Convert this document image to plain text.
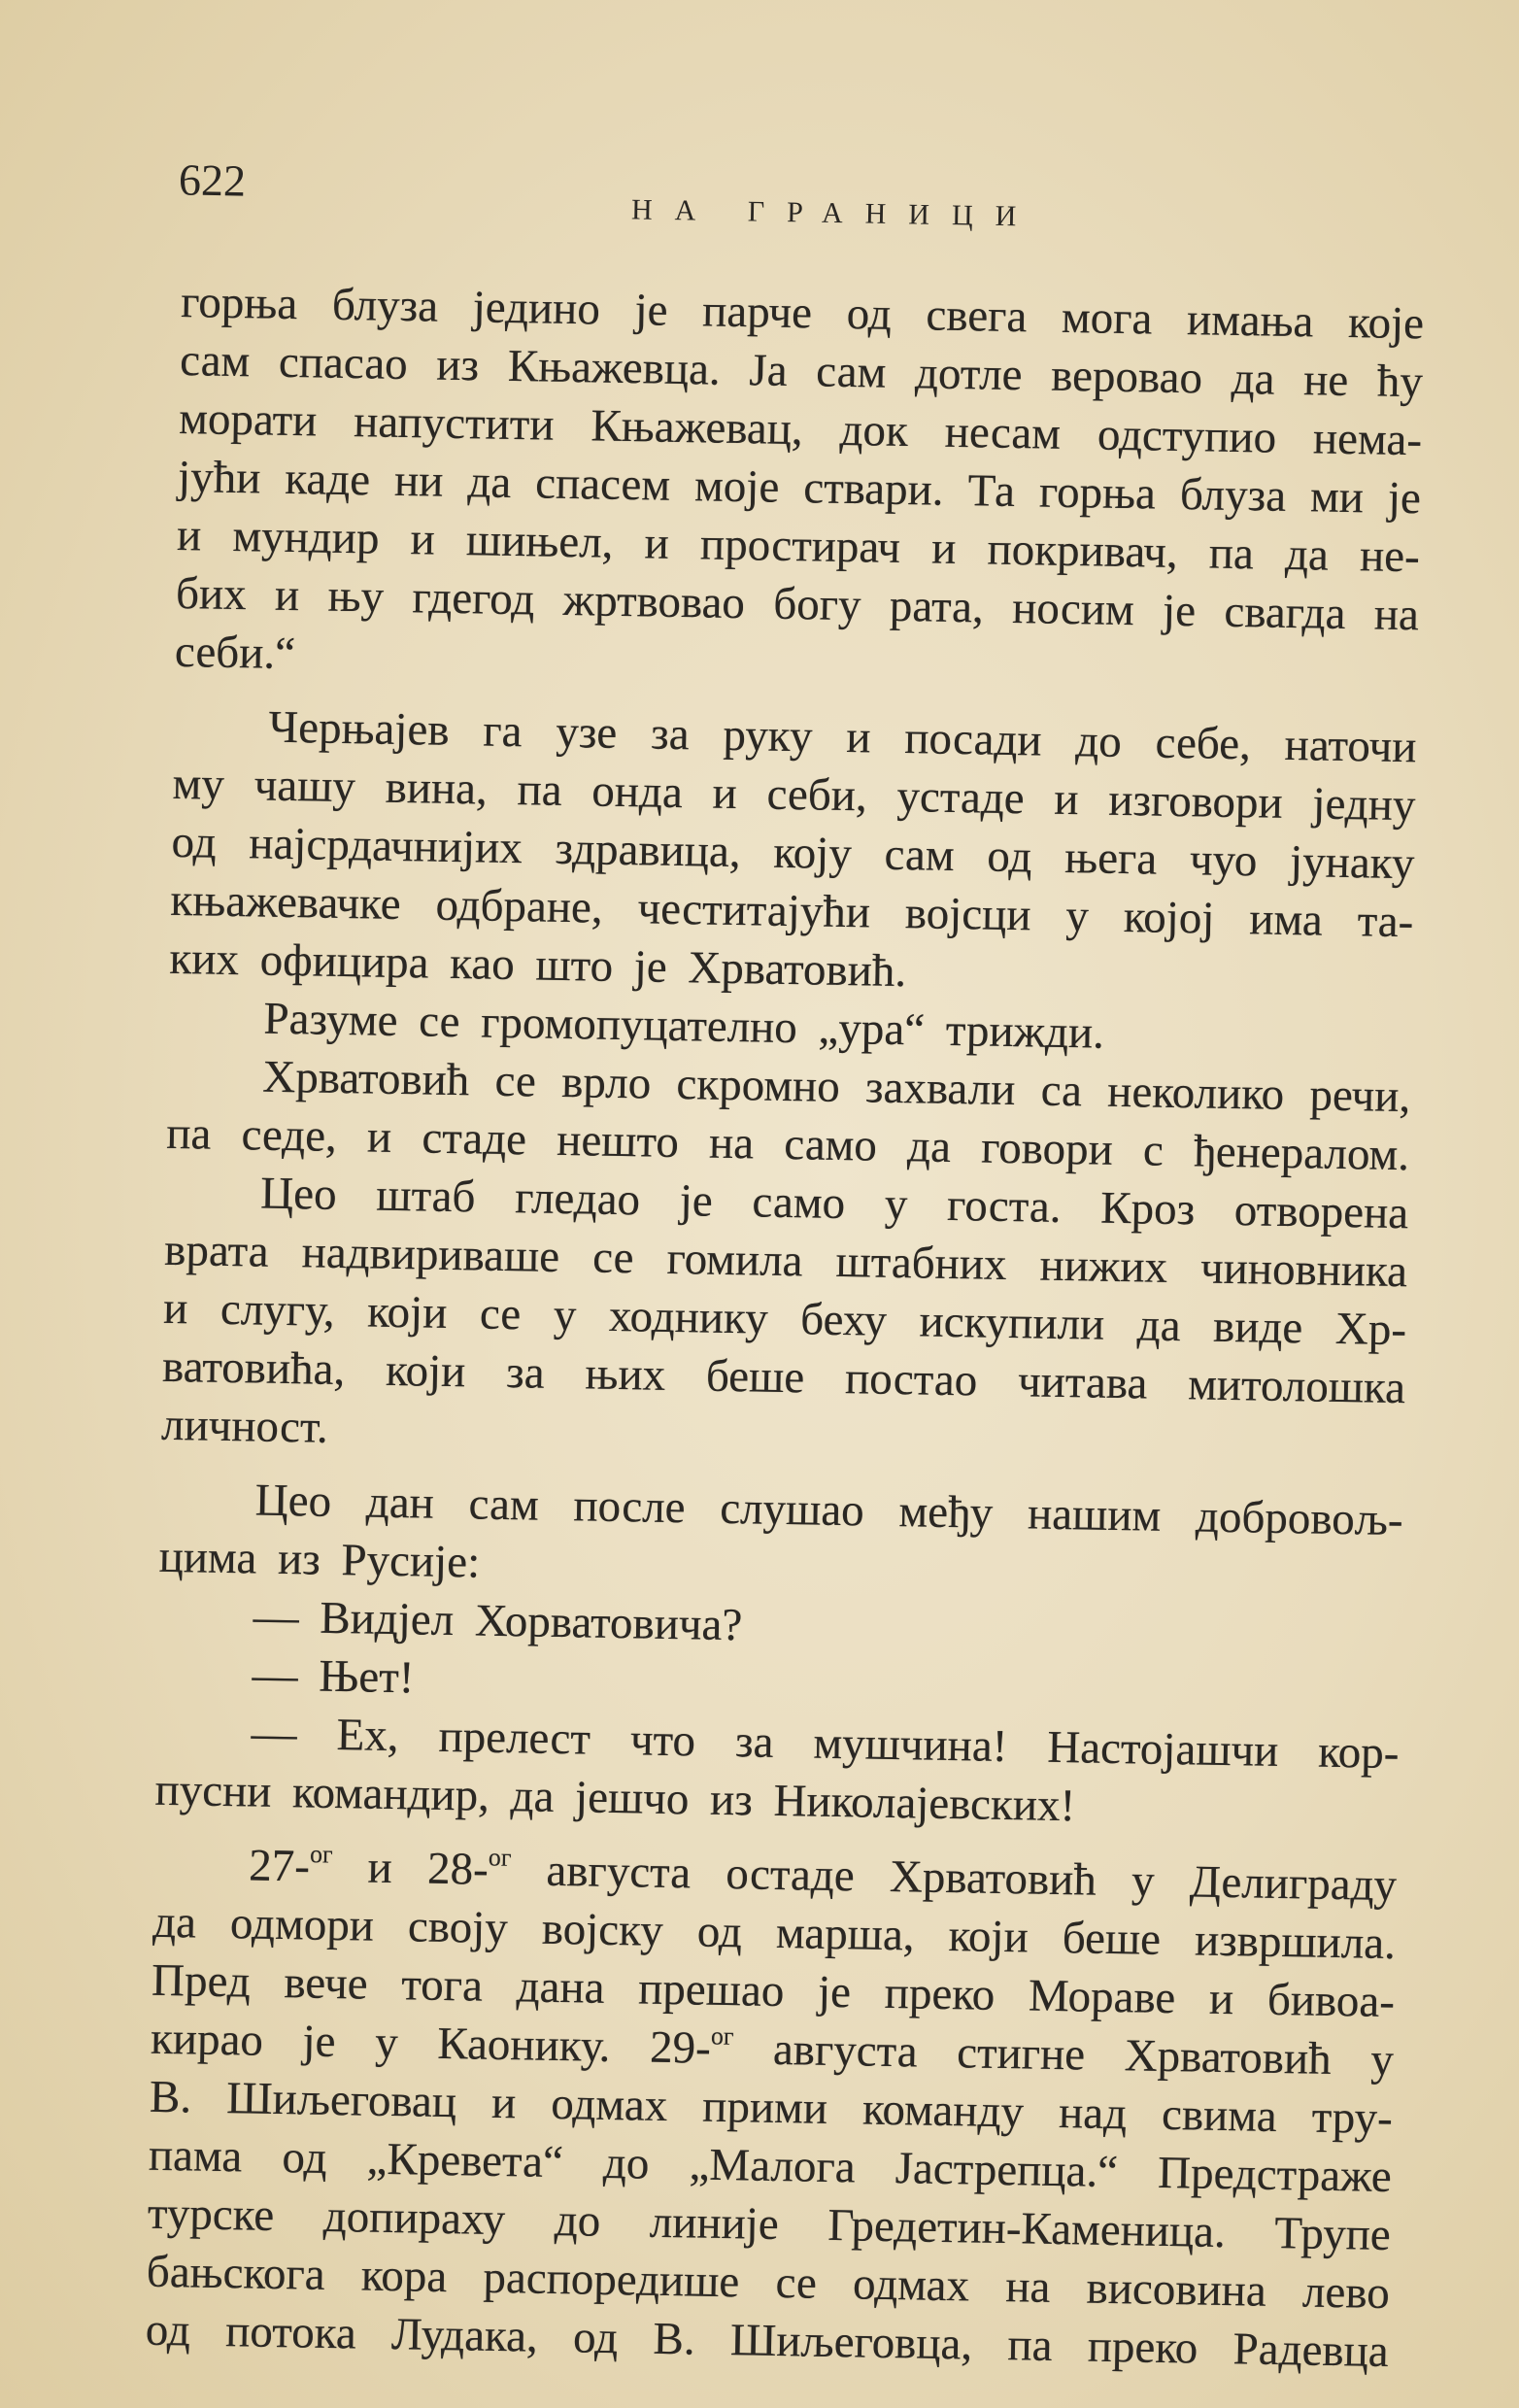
622
НА ГРАНИЦИ
горња блуза једино је парче од свега мога имања које
сам спасао из Књажевца. Ја сам дотле веровао да не ћу
морати напустити Књажевац, док несам одступио нема-
јући каде ни да спасем моје ствари. Та горња блуза ми је
и мундир и шињел, и простирач и покривач, па да не-
бих и њу гдегод жртвовао богу рата, носим је свагда на
себи.“
Черњајев га узе за руку и посади до себе, наточи
му чашу вина, па онда и себи, устаде и изговори једну
од најсрдачнијих здравица, коју сам од њега чуо јунаку
књажевачке одбране, честитајући војсци у којој има та-
ких официра као што је Хрватовић.
Разуме се громопуцателно „ура“ трижди.
Хрватовић се врло скромно захвали са неколико речи,
па седе, и стаде нешто на само да говори с ђенералом.
Цео штаб гледао је само у госта. Кроз отворена
врата надвириваше се гомила штабних нижих чиновника
и слугу, који се у ходнику беху искупили да виде Хр-
ватовића, који за њих беше постао читава митолошка
личност.
Цео дан сам после слушао међу нашим добровољ-
цима из Русије:
— Видјел Хорватовича?
— Њет!
— Ех, прелест что за мушчина! Настојашчи кор-
пусни командир, да јешчо из Николајевских!
27-$^{ог}$ и 28-$^{ог}$ августа остаде Хрватовић у Делиграду
да одмори своју војску од марша, који беше извршила.
Пред вече тога дана прешао је преко Мораве и бивоа-
кирао је у Каонику. 29-$^{ог}$ августа стигне Хрватовић у
В. Шиљеговац и одмах прими команду над свима тру-
пама од „Кревета“ до „Малога Јастрепца.“ Предстраже
турске допираху до линије Гредетин-Каменица. Трупе
бањскога кора распоредише се одмах на висовина лево
од потока Лудака, од В. Шиљеговца, па преко Радевца
